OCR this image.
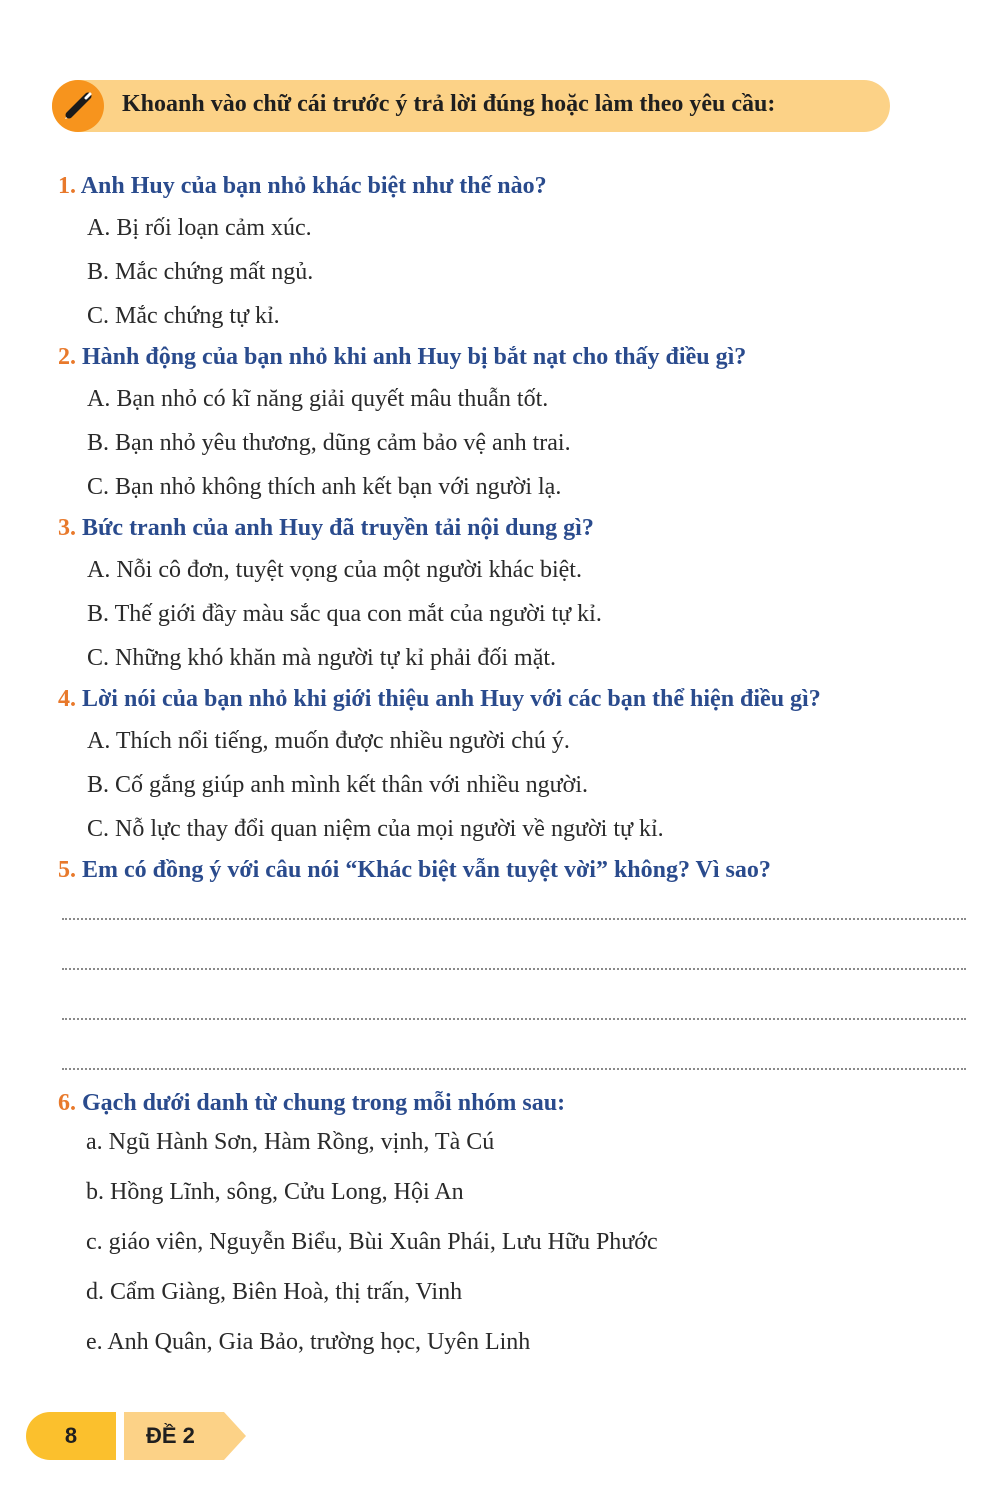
Khoanh vào chữ cái trước ý trả lời đúng hoặc làm theo yêu cầu:
1. Anh Huy của bạn nhỏ khác biệt như thế nào?
A. Bị rối loạn cảm xúc.
B. Mắc chứng mất ngủ.
C. Mắc chứng tự kỉ.
2. Hành động của bạn nhỏ khi anh Huy bị bắt nạt cho thấy điều gì?
A. Bạn nhỏ có kĩ năng giải quyết mâu thuẫn tốt.
B. Bạn nhỏ yêu thương, dũng cảm bảo vệ anh trai.
C. Bạn nhỏ không thích anh kết bạn với người lạ.
3. Bức tranh của anh Huy đã truyền tải nội dung gì?
A. Nỗi cô đơn, tuyệt vọng của một người khác biệt.
B. Thế giới đầy màu sắc qua con mắt của người tự kỉ.
C. Những khó khăn mà người tự kỉ phải đối mặt.
4. Lời nói của bạn nhỏ khi giới thiệu anh Huy với các bạn thể hiện điều gì?
A. Thích nổi tiếng, muốn được nhiều người chú ý.
B. Cố gắng giúp anh mình kết thân với nhiều người.
C. Nỗ lực thay đổi quan niệm của mọi người về người tự kỉ.
5. Em có đồng ý với câu nói “Khác biệt vẫn tuyệt vời” không? Vì sao?
6. Gạch dưới danh từ chung trong mỗi nhóm sau:
a. Ngũ Hành Sơn, Hàm Rồng, vịnh, Tà Cú
b. Hồng Lĩnh, sông, Cửu Long, Hội An
c. giáo viên, Nguyễn Biểu, Bùi Xuân Phái, Lưu Hữu Phước
d. Cẩm Giàng, Biên Hoà, thị trấn, Vinh
e. Anh Quân, Gia Bảo, trường học, Uyên Linh
8	ĐỀ 2
